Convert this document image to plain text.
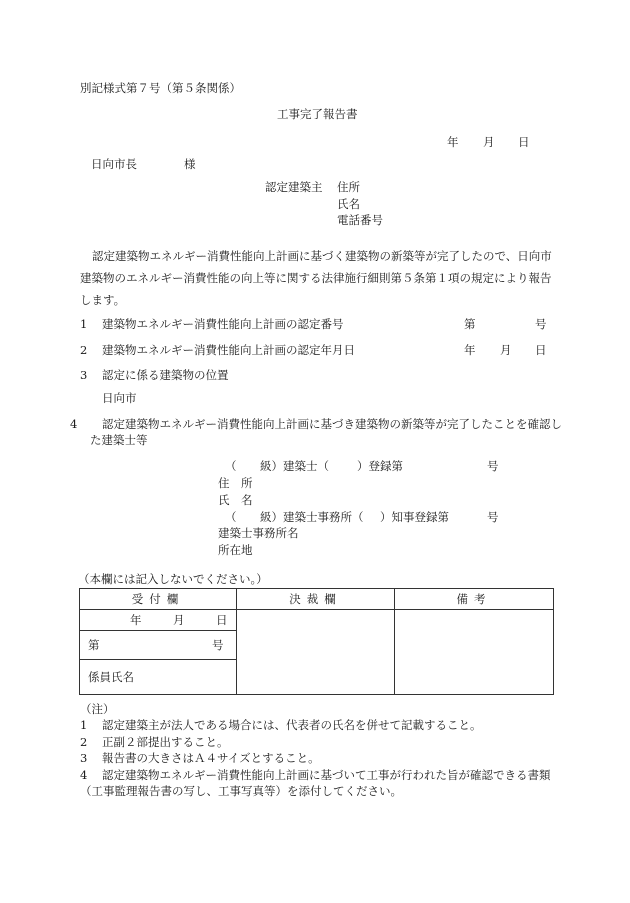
別記様式第７号（第５条関係）
工事完了報告書
年 月 日
日向市長	様
認定建築主 住所
氏名
電話番号
認定建築物エネルギー消費性能向上計画に基づく建築物の新築等が完了したので、日向市建築物のエネルギー消費性能の向上等に関する法律施行細則第５条第１項の規定により報告します。
1 建築物エネルギー消費性能向上計画の認定番号	第	号
2 建築物エネルギー消費性能向上計画の認定年月日	年 月 日
3 認定に係る建築物の位置
日向市
4 認定建築物エネルギー消費性能向上計画に基づき建築物の新築等が完了したことを確認した建築士等
（ 級）建築士（ ）登録第	号
住　所
氏　名
（ 級）建築士事務所（ ）知事登録第	号
建築士事務所名
所在地
（本欄には記入しないでください。）
受付欄	決裁欄	備考
年 月 日		
第 号		
係員氏名		
（注）
1 認定建築主が法人である場合には、代表者の氏名を併せて記載すること。
2 正副２部提出すること。
3 報告書の大きさはＡ４サイズとすること。
4 認定建築物エネルギー消費性能向上計画に基づいて工事が行われた旨が確認できる書類（工事監理報告書の写し、工事写真等）を添付してください。
